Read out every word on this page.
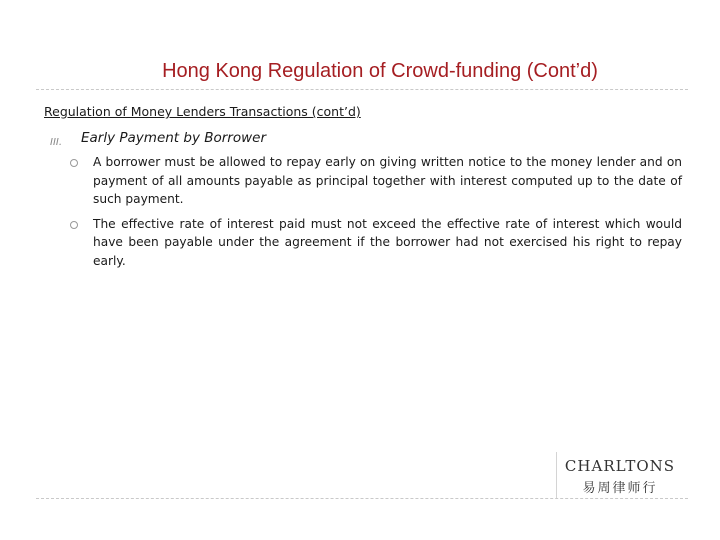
Hong Kong Regulation of Crowd-funding (Cont’d)
Regulation of Money Lenders Transactions (cont’d)
III. Early Payment by Borrower
A borrower must be allowed to repay early on giving written notice to the money lender and on payment of all amounts payable as principal together with interest computed up to the date of such payment.
The effective rate of interest paid must not exceed the effective rate of interest which would have been payable under the agreement if the borrower had not exercised his right to repay early.
CHARLTONS
易周律师行
